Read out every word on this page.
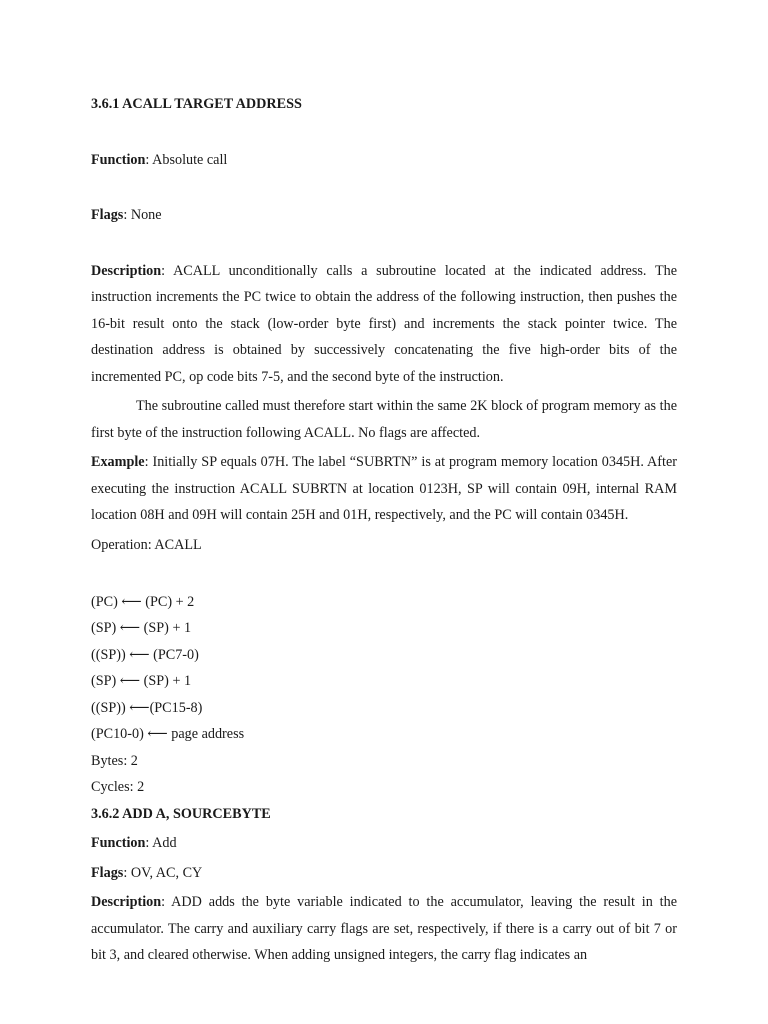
3.6.1 ACALL TARGET ADDRESS

Function: Absolute call

Flags: None

Description: ACALL unconditionally calls a subroutine located at the indicated address. The instruction increments the PC twice to obtain the address of the following instruction, then pushes the 16-bit result onto the stack (low-order byte first) and increments the stack pointer twice. The destination address is obtained by successively concatenating the five high-order bits of the incremented PC, op code bits 7-5, and the second byte of the instruction.

The subroutine called must therefore start within the same 2K block of program memory as the first byte of the instruction following ACALL. No flags are affected.

Example: Initially SP equals 07H. The label “SUBRTN” is at program memory location 0345H. After executing the instruction ACALL SUBRTN at location 0123H, SP will contain 09H, internal RAM location 08H and 09H will contain 25H and 01H, respectively, and the PC will contain 0345H.

Operation: ACALL

(PC) ⟵ (PC) + 2

(SP) ⟵ (SP) + 1

((SP)) ⟵ (PC7-0)

(SP) ⟵ (SP) + 1

((SP)) ⟵(PC15-8)

(PC10-0) ⟵ page address

Bytes: 2

Cycles: 2

3.6.2 ADD A, SOURCEBYTE

Function: Add

Flags: OV, AC, CY

Description: ADD adds the byte variable indicated to the accumulator, leaving the result in the accumulator. The carry and auxiliary carry flags are set, respectively, if there is a carry out of bit 7 or bit 3, and cleared otherwise. When adding unsigned integers, the carry flag indicates an
